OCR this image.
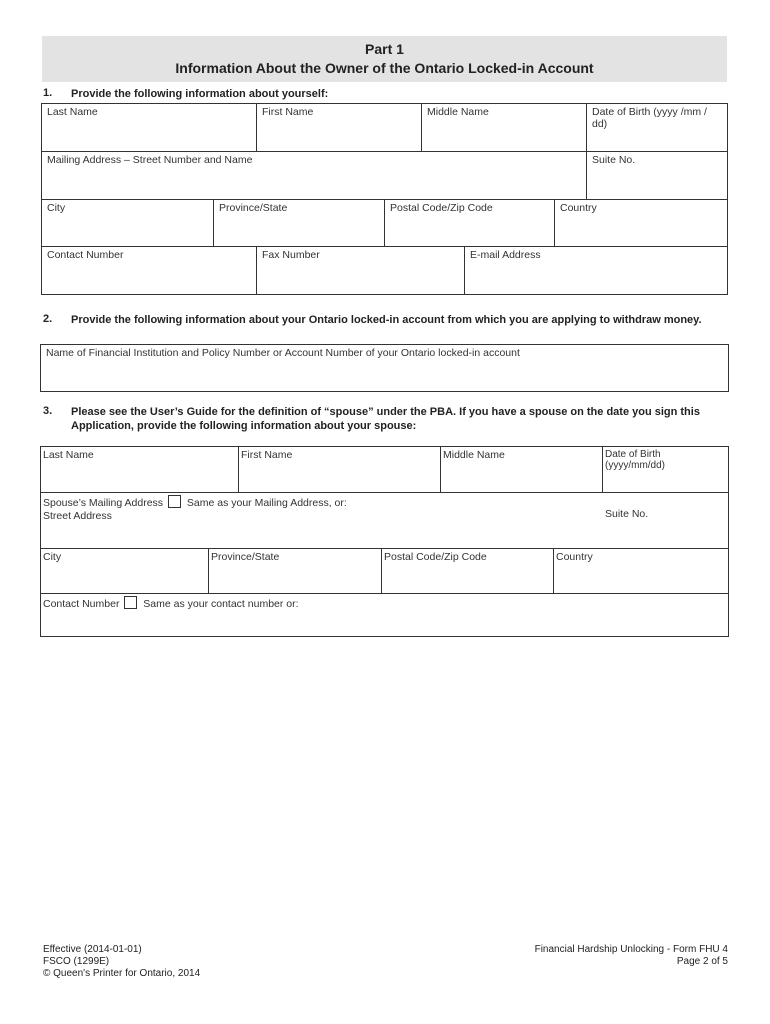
Part 1
Information About the Owner of the Ontario Locked-in Account
1. Provide the following information about yourself:
Last Name	First Name	Middle Name	Date of Birth (yyyy /mm / dd)
Mailing Address – Street Number and Name	Suite No.
City	Province/State	Postal Code/Zip Code	Country
Contact Number	Fax Number	E-mail Address
2. Provide the following information about your Ontario locked-in account from which you are applying to withdraw money.
Name of Financial Institution and Policy Number or Account Number of your Ontario locked-in account
3. Please see the User’s Guide for the definition of “spouse” under the PBA. If you have a spouse on the date you sign this
Application, provide the following information about your spouse:
Last Name	First Name	Middle Name	Date of Birth (yyyy/mm/dd)
Spouse’s Mailing Address Same as your Mailing Address, or:
Street Address	Suite No.
City	Province/State	Postal Code/Zip Code	Country
Contact Number Same as your contact number or:
Effective (2014-01-01)
FSCO (1299E)
© Queen's Printer for Ontario, 2014
Financial Hardship Unlocking - Form FHU 4
Page 2 of 5
